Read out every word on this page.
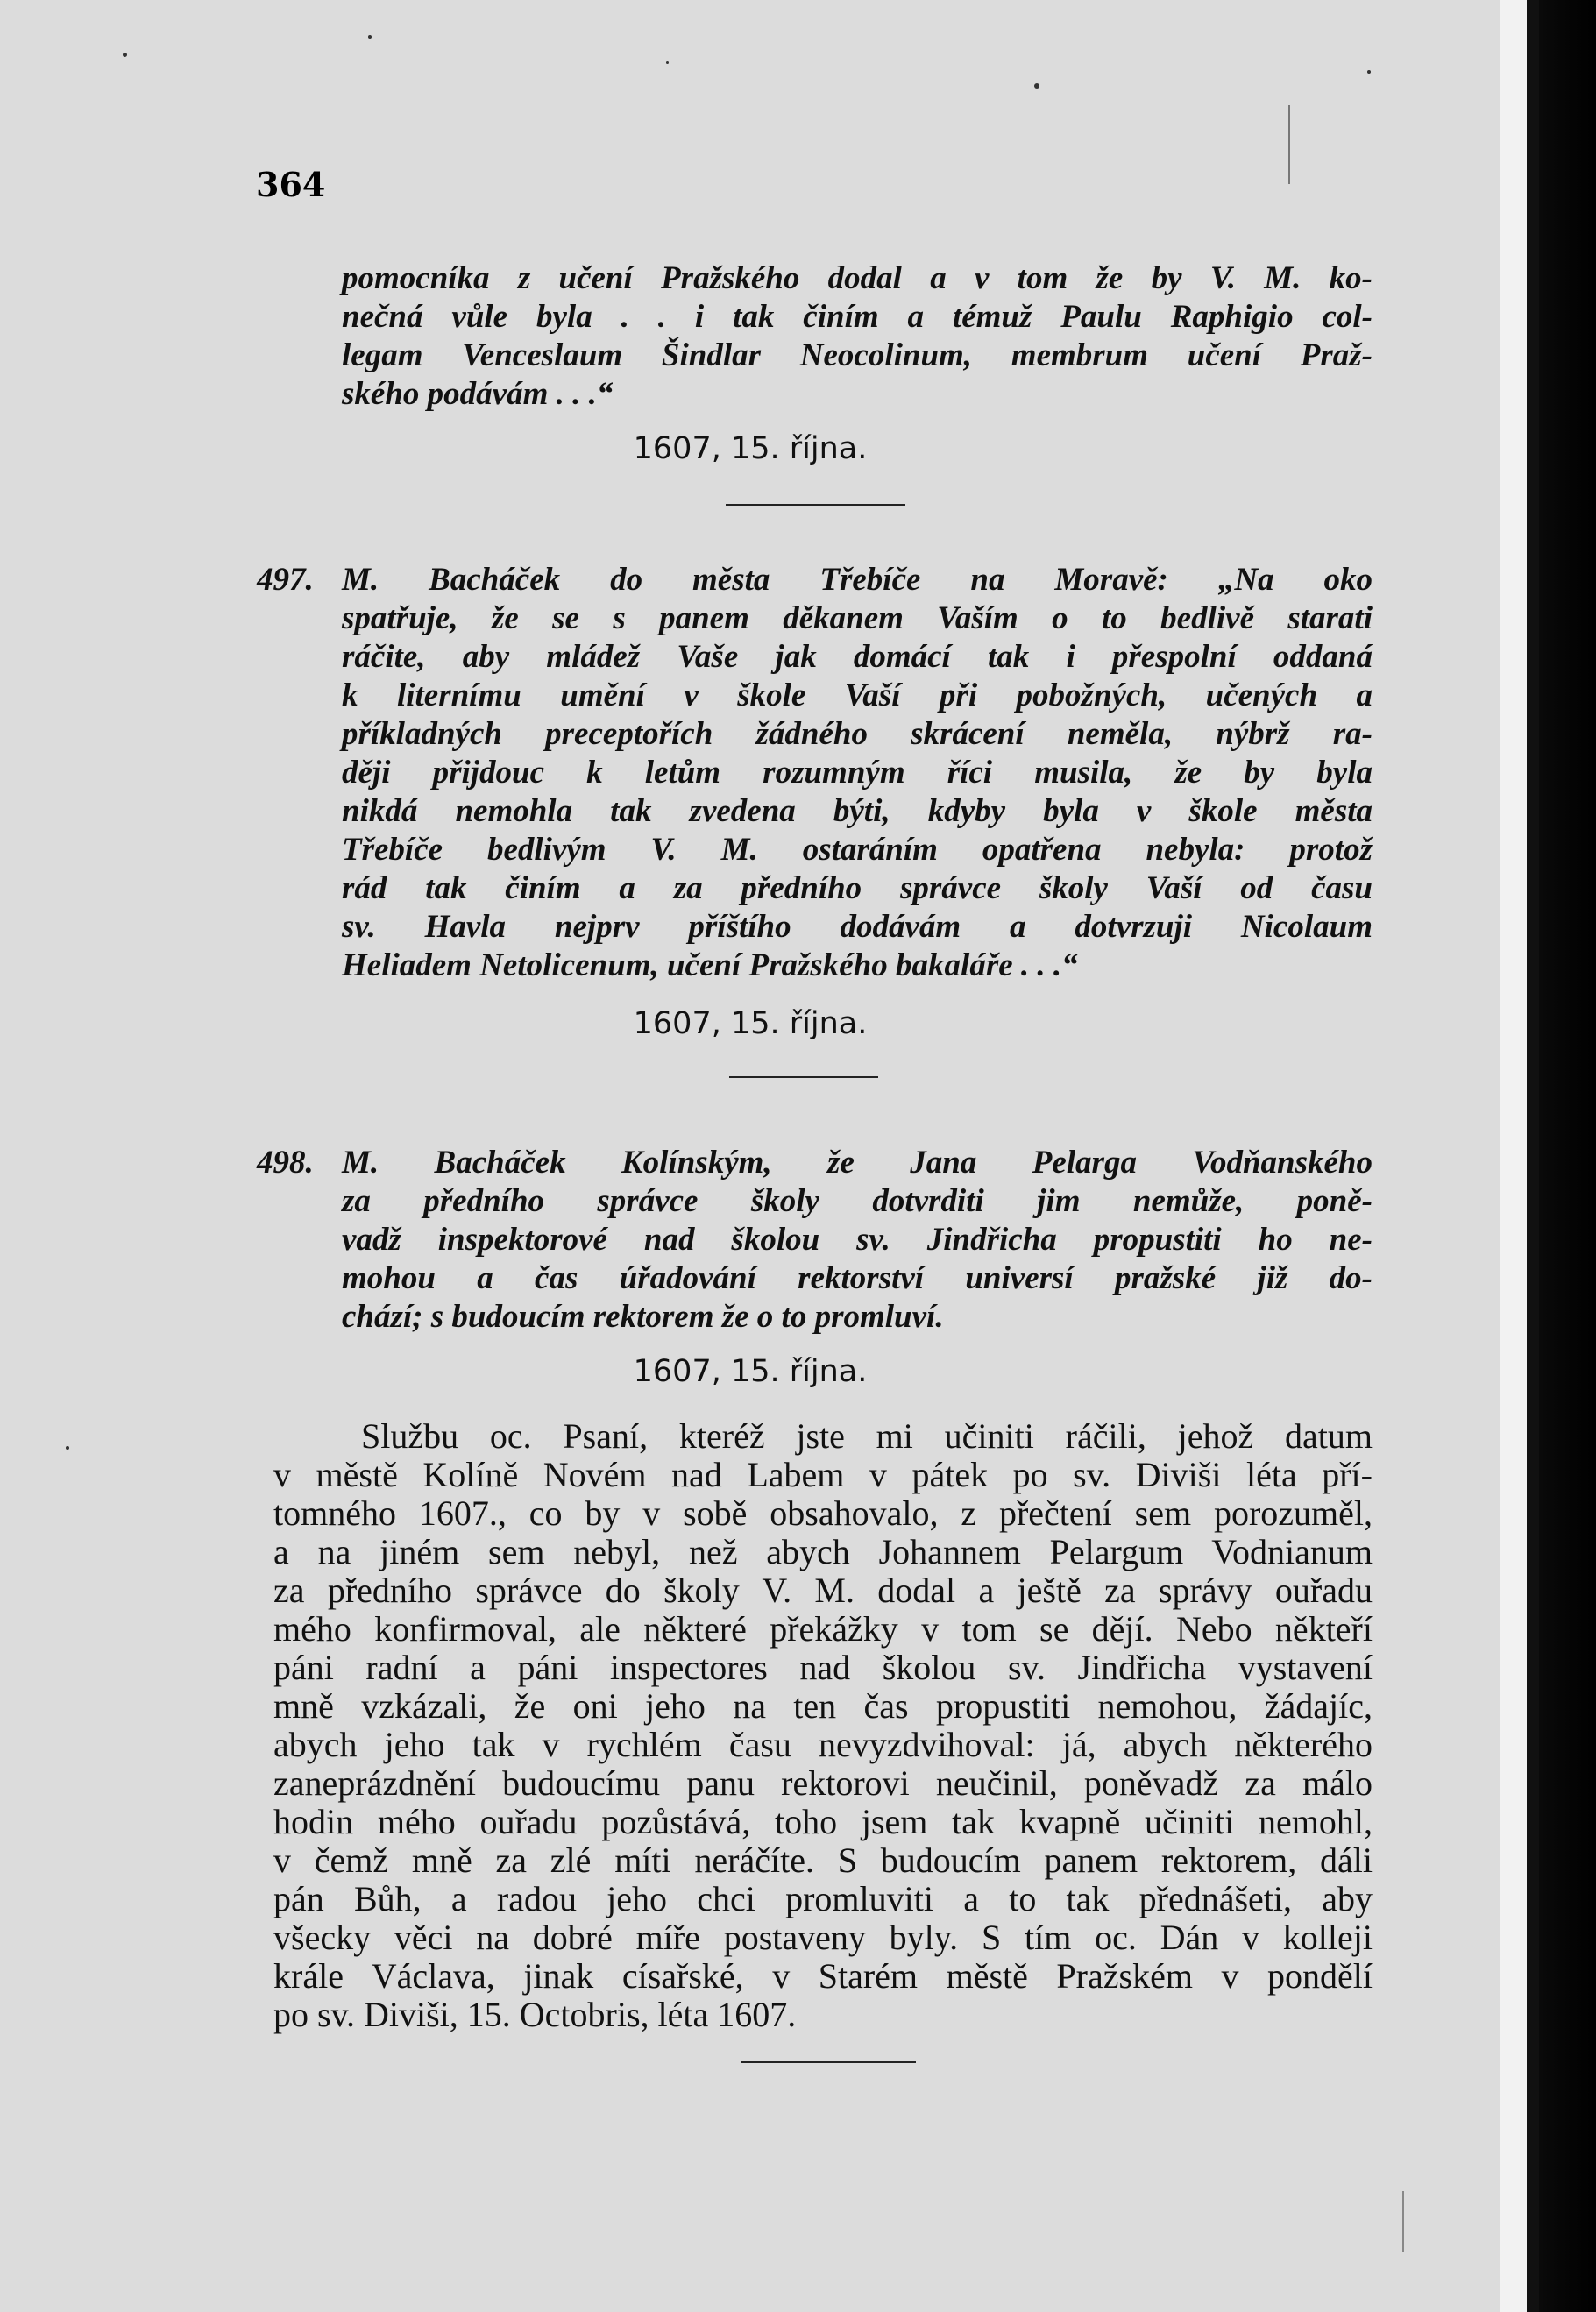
364
pomocníka z učení Pražského dodal a v tom že by V. M. ko-
nečná vůle byla . . i tak činím a témuž Paulu Raphigio col-
legam Venceslaum Šindlar Neocolinum, membrum učení Praž-
ského podávám . . .“
1607, 15. října.
497. M. Bacháček do města Třebíče na Moravě: „Na oko
spatřuje, že se s panem děkanem Vaším o to bedlivě starati
ráčite, aby mládež Vaše jak domácí tak i přespolní oddaná
k liternímu umění v škole Vaší při pobožných, učených a
příkladných preceptořích žádného skrácení neměla, nýbrž ra-
ději přijdouc k letům rozumným říci musila, že by byla
nikdá nemohla tak zvedena býti, kdyby byla v škole města
Třebíče bedlivým V. M. ostaráním opatřena nebyla: protož
rád tak činím a za předního správce školy Vaší od času
sv. Havla nejprv příštího dodávám a dotvrzuji Nicolaum
Heliadem Netolicenum, učení Pražského bakaláře . . .“
1607, 15. října.
498. M. Bacháček Kolínským, že Jana Pelarga Vodňanského
za předního správce školy dotvrditi jim nemůže, poně-
vadž inspektorové nad školou sv. Jindřicha propustiti ho ne-
mohou a čas úřadování rektorství universí pražské již do-
chází; s budoucím rektorem že o to promluví.
1607, 15. října.
Službu oc. Psaní, kteréž jste mi učiniti ráčili, jehož datum
v městě Kolíně Novém nad Labem v pátek po sv. Diviši léta pří-
tomného 1607., co by v sobě obsahovalo, z přečtení sem porozuměl,
a na jiném sem nebyl, než abych Johannem Pelargum Vodnianum
za předního správce do školy V. M. dodal a ještě za správy ouřadu
mého konfirmoval, ale některé překážky v tom se dějí. Nebo někteří
páni radní a páni inspectores nad školou sv. Jindřicha vystavení
mně vzkázali, že oni jeho na ten čas propustiti nemohou, žádajíc,
abych jeho tak v rychlém času nevyzdvihoval: já, abych některého
zaneprázdnění budoucímu panu rektorovi neučinil, poněvadž za málo
hodin mého ouřadu pozůstává, toho jsem tak kvapně učiniti nemohl,
v čemž mně za zlé míti neráčíte. S budoucím panem rektorem, dáli
pán Bůh, a radou jeho chci promluviti a to tak přednášeti, aby
všecky věci na dobré míře postaveny byly. S tím oc. Dán v kolleji
krále Václava, jinak císařské, v Starém městě Pražském v pondělí
po sv. Diviši, 15. Octobris, léta 1607.
